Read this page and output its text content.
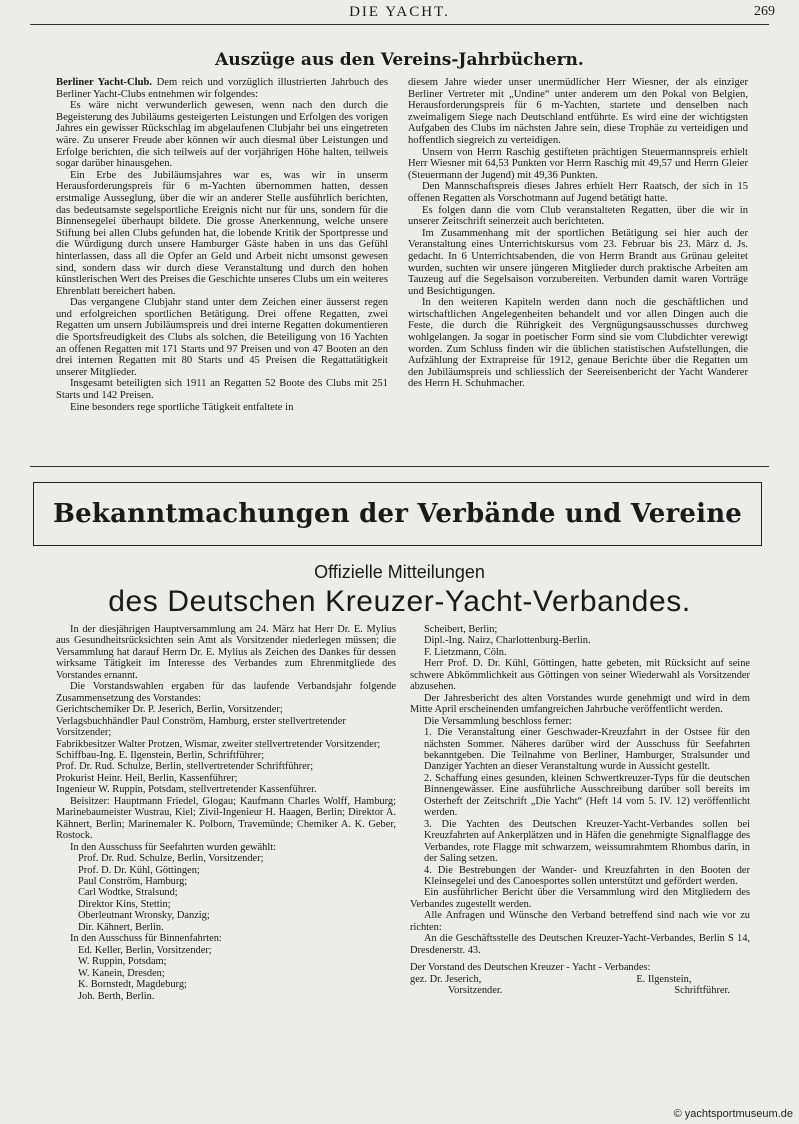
DIE YACHT.	269
Auszüge aus den Vereins-Jahrbüchern.

Berliner Yacht-Club. Dem reich und vorzüglich illustrierten Jahrbuch des Berliner Yacht-Clubs entnehmen wir folgendes:

Es wäre nicht verwunderlich gewesen, wenn nach den durch die Begeisterung des Jubiläums gesteigerten Leistungen und Erfolgen des vorigen Jahres ein gewisser Rückschlag im abgelaufenen Clubjahr bei uns eingetreten wäre. Zu unserer Freude aber können wir auch diesmal über Leistungen und Erfolge berichten, die sich teilweis auf der vorjährigen Höhe halten, teilweis sogar darüber hinausgehen.

Ein Erbe des Jubiläumsjahres war es, was wir in unserm Herausforderungspreis für 6 m-Yachten übernommen hatten, dessen erstmalige Ausseglung, über die wir an anderer Stelle ausführlich berichten, das bedeutsamste segelsportliche Ereignis nicht nur für uns, sondern für die Binnensegelei überhaupt bildete. Die grosse Anerkennung, welche unsere Stiftung bei allen Clubs gefunden hat, die lobende Kritik der Sportpresse und die Würdigung durch unsere Hamburger Gäste haben in uns das Gefühl hinterlassen, dass all die Opfer an Geld und Arbeit nicht umsonst gewesen sind, sondern dass wir durch diese Veranstaltung und durch den hohen künstlerischen Wert des Preises die Geschichte unseres Clubs um ein weiteres Ehrenblatt bereichert haben.

Das vergangene Clubjahr stand unter dem Zeichen einer äusserst regen und erfolgreichen sportlichen Betätigung. Drei offene Regatten, zwei Regatten um unsern Jubiläumspreis und drei interne Regatten dokumentieren die Sportsfreudigkeit des Clubs als solchen, die Beteiligung von 16 Yachten an offenen Regatten mit 171 Starts und 97 Preisen und von 47 Booten an den drei internen Regatten mit 80 Starts und 45 Preisen die Regattatätigkeit unserer Mitglieder.

Insgesamt beteiligten sich 1911 an Regatten 52 Boote des Clubs mit 251 Starts und 142 Preisen.

Eine besonders rege sportliche Tätigkeit entfaltete in

diesem Jahre wieder unser unermüdlicher Herr Wiesner, der als einziger Berliner Vertreter mit „Undine“ unter anderem um den Pokal von Belgien, Herausforderungspreis für 6 m-Yachten, startete und denselben nach zweimaligem Siege nach Deutschland entführte. Es wird eine der wichtigsten Aufgaben des Clubs im nächsten Jahre sein, diese Trophäe zu verteidigen und hoffentlich siegreich zu verteidigen.

Unsern von Herrn Raschig gestifteten prächtigen Steuermannspreis erhielt Herr Wiesner mit 64,53 Punkten vor Herrn Raschig mit 49,57 und Herrn Gleier (Steuermann der Jugend) mit 49,36 Punkten.

Den Mannschaftspreis dieses Jahres erhielt Herr Raatsch, der sich in 15 offenen Regatten als Vorschotmann auf Jugend betätigt hatte.

Es folgen dann die vom Club veranstalteten Regatten, über die wir in unserer Zeitschrift seinerzeit auch berichteten.

Im Zusammenhang mit der sportlichen Betätigung sei hier auch der Veranstaltung eines Unterrichtskursus vom 23. Februar bis 23. März d. Js. gedacht. In 6 Unterrichtsabenden, die von Herrn Brandt aus Grünau geleitet wurden, suchten wir unsere jüngeren Mitglieder durch praktische Arbeiten am Tauzeug auf die Segelsaison vorzubereiten. Verbunden damit waren Vorträge und Besichtigungen.

In den weiteren Kapiteln werden dann noch die geschäftlichen und wirtschaftlichen Angelegenheiten behandelt und vor allen Dingen auch die Feste, die durch die Rührigkeit des Vergnügungsausschusses durchweg wohlgelangen. Ja sogar in poetischer Form sind sie vom Clubdichter verewigt worden. Zum Schluss finden wir die üblichen statistischen Aufstellungen, die Aufzählung der Extrapreise für 1912, genaue Berichte über die Regatten um den Jubiläumspreis und schliesslich der Seereisenbericht der Yacht Wanderer des Herrn H. Schuhmacher.

Bekanntmachungen der Verbände und Vereine
Offizielle Mitteilungen
des Deutschen Kreuzer-Yacht-Verbandes.

In der diesjährigen Hauptversammlung am 24. März hat Herr Dr. E. Mylius aus Gesundheitsrücksichten sein Amt als Vorsitzender niederlegen müssen; die Versammlung hat darauf Herrn Dr. E. Mylius als Zeichen des Dankes für dessen wirksame Tätigkeit im Interesse des Verbandes zum Ehrenmitgliede des Vorstandes ernannt.

Die Vorstandswahlen ergaben für das laufende Verbandsjahr folgende Zusammensetzung des Vorstandes:

Gerichtschemiker Dr. P. Jeserich, Berlin, Vorsitzender;
Verlagsbuchhändler Paul Conström, Hamburg, erster stellvertretender Vorsitzender;
Fabrikbesitzer Walter Protzen, Wismar, zweiter stellvertretender Vorsitzender;
Schiffbau-Ing. E. Ilgenstein, Berlin, Schriftführer;
Prof. Dr. Rud. Schulze, Berlin, stellvertretender Schriftführer;
Prokurist Heinr. Heil, Berlin, Kassenführer;
Ingenieur W. Ruppin, Potsdam, stellvertretender Kassenführer.

Beisitzer: Hauptmann Friedel, Glogau; Kaufmann Charles Wolff, Hamburg; Marinebaumeister Wustrau, Kiel; Zivil-Ingenieur H. Haagen, Berlin; Direktor A. Kähnert, Berlin; Marinemaler K. Polborn, Travemünde; Chemiker A. K. Geber, Rostock.

In den Ausschuss für Seefahrten wurden gewählt:

Prof. Dr. Rud. Schulze, Berlin, Vorsitzender;
Prof. D. Dr. Kühl, Göttingen;
Paul Conström, Hamburg;
Carl Wodtke, Stralsund;
Direktor Kins, Stettin;
Oberleutnant Wronsky, Danzig;
Dir. Kähnert, Berlin.

In den Ausschuss für Binnenfahrten:

Ed. Keller, Berlin, Vorsitzender;
W. Ruppin, Potsdam;
W. Kanein, Dresden;
K. Bornstedt, Magdeburg;
Joh. Berth, Berlin.
Scheibert, Berlin;
Dipl.-Ing. Nairz, Charlottenburg-Berlin.
F. Lietzmann, Cöln.

Herr Prof. D. Dr. Kühl, Göttingen, hatte gebeten, mit Rücksicht auf seine schwere Abkömmlichkeit aus Göttingen von seiner Wiederwahl als Vorsitzender abzusehen.

Der Jahresbericht des alten Vorstandes wurde genehmigt und wird in dem Mitte April erscheinenden umfangreichen Jahrbuche veröffentlicht werden.

Die Versammlung beschloss ferner:

1. Die Veranstaltung einer Geschwader-Kreuzfahrt in der Ostsee für den nächsten Sommer. Näheres darüber wird der Ausschuss für Seefahrten bekanntgeben. Die Teilnahme von Berliner, Hamburger, Stralsunder und Danziger Yachten an dieser Veranstaltung wurde in Aussicht gestellt.
2. Schaffung eines gesunden, kleinen Schwertkreuzer-Typs für die deutschen Binnengewässer. Eine ausführliche Ausschreibung darüber soll bereits im Osterheft der Zeitschrift „Die Yacht“ (Heft 14 vom 5. IV. 12) veröffentlicht werden.
3. Die Yachten des Deutschen Kreuzer-Yacht-Verbandes sollen bei Kreuzfahrten auf Ankerplätzen und in Häfen die genehmigte Signalflagge des Verbandes, rote Flagge mit schwarzem, weissumrahmtem Rhombus darin, in der Saling setzen.
4. Die Bestrebungen der Wander- und Kreuzfahrten in den Booten der Kleinsegelei und des Canoesportes sollen unterstützt und gefördert werden.

Ein ausführlicher Bericht über die Versammlung wird den Mitgliedern des Verbandes zugestellt werden.

Alle Anfragen und Wünsche den Verband betreffend sind nach wie vor zu richten:

An die Geschäftsstelle des Deutschen Kreuzer-Yacht-Verbandes, Berlin S 14, Dresdenerstr. 43.

Der Vorstand des Deutschen Kreuzer - Yacht - Verbandes:

gez. Dr. Jeserich,
Vorsitzender.
E. Ilgenstein,
Schriftführer.
© yachtsportmuseum.de
